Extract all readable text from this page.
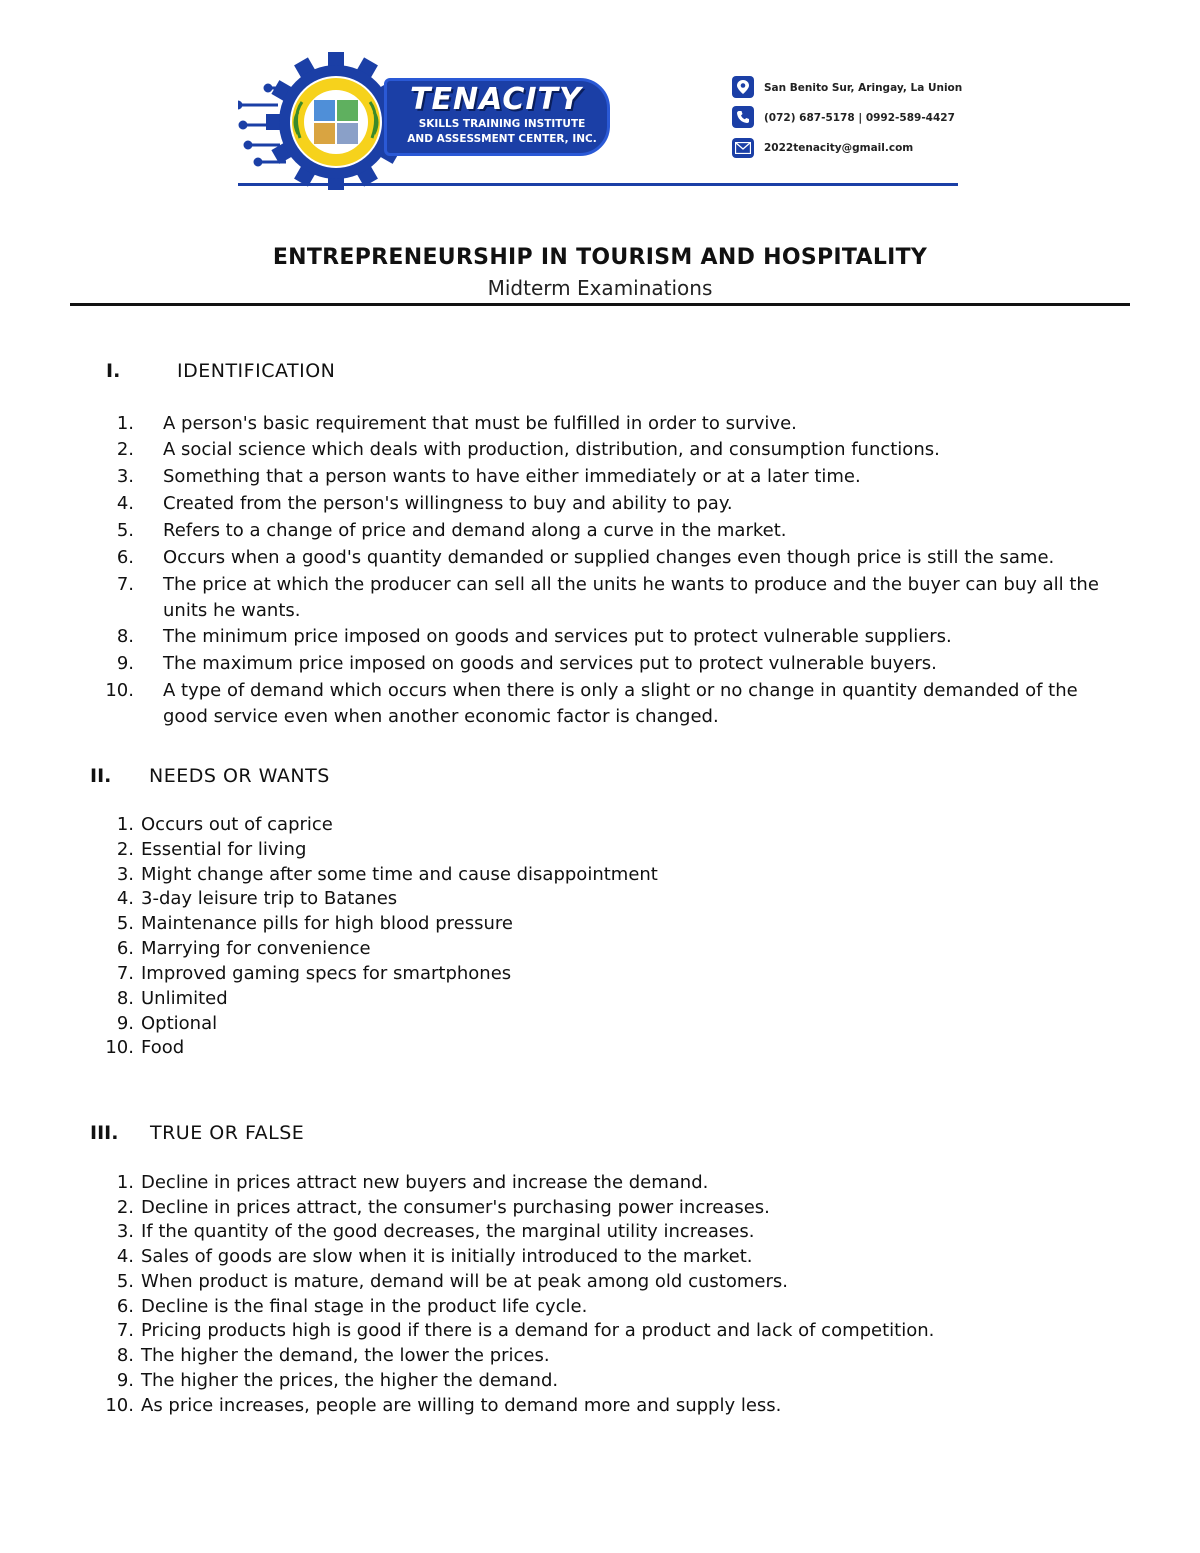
TENACITY
SKILLS TRAINING INSTITUTE
AND ASSESSMENT CENTER, INC.
San Benito Sur, Aringay, La Union
(072) 687-5178 | 0992-589-4427
2022tenacity@gmail.com
ENTREPRENEURSHIP IN TOURISM AND HOSPITALITY
Midterm Examinations
I.	IDENTIFICATION
1. A person's basic requirement that must be fulfilled in order to survive.
2. A social science which deals with production, distribution, and consumption functions.
3. Something that a person wants to have either immediately or at a later time.
4. Created from the person's willingness to buy and ability to pay.
5. Refers to a change of price and demand along a curve in the market.
6. Occurs when a good's quantity demanded or supplied changes even though price is still the same.
7. The price at which the producer can sell all the units he wants to produce and the buyer can buy all the units he wants.
8. The minimum price imposed on goods and services put to protect vulnerable suppliers.
9. The maximum price imposed on goods and services put to protect vulnerable buyers.
10. A type of demand which occurs when there is only a slight or no change in quantity demanded of the good service even when another economic factor is changed.
II. NEEDS OR WANTS
1. Occurs out of caprice
2. Essential for living
3. Might change after some time and cause disappointment
4. 3-day leisure trip to Batanes
5. Maintenance pills for high blood pressure
6. Marrying for convenience
7. Improved gaming specs for smartphones
8. Unlimited
9. Optional
10. Food
III. TRUE OR FALSE
1. Decline in prices attract new buyers and increase the demand.
2. Decline in prices attract, the consumer's purchasing power increases.
3. If the quantity of the good decreases, the marginal utility increases.
4. Sales of goods are slow when it is initially introduced to the market.
5. When product is mature, demand will be at peak among old customers.
6. Decline is the final stage in the product life cycle.
7. Pricing products high is good if there is a demand for a product and lack of competition.
8. The higher the demand, the lower the prices.
9. The higher the prices, the higher the demand.
10. As price increases, people are willing to demand more and supply less.
